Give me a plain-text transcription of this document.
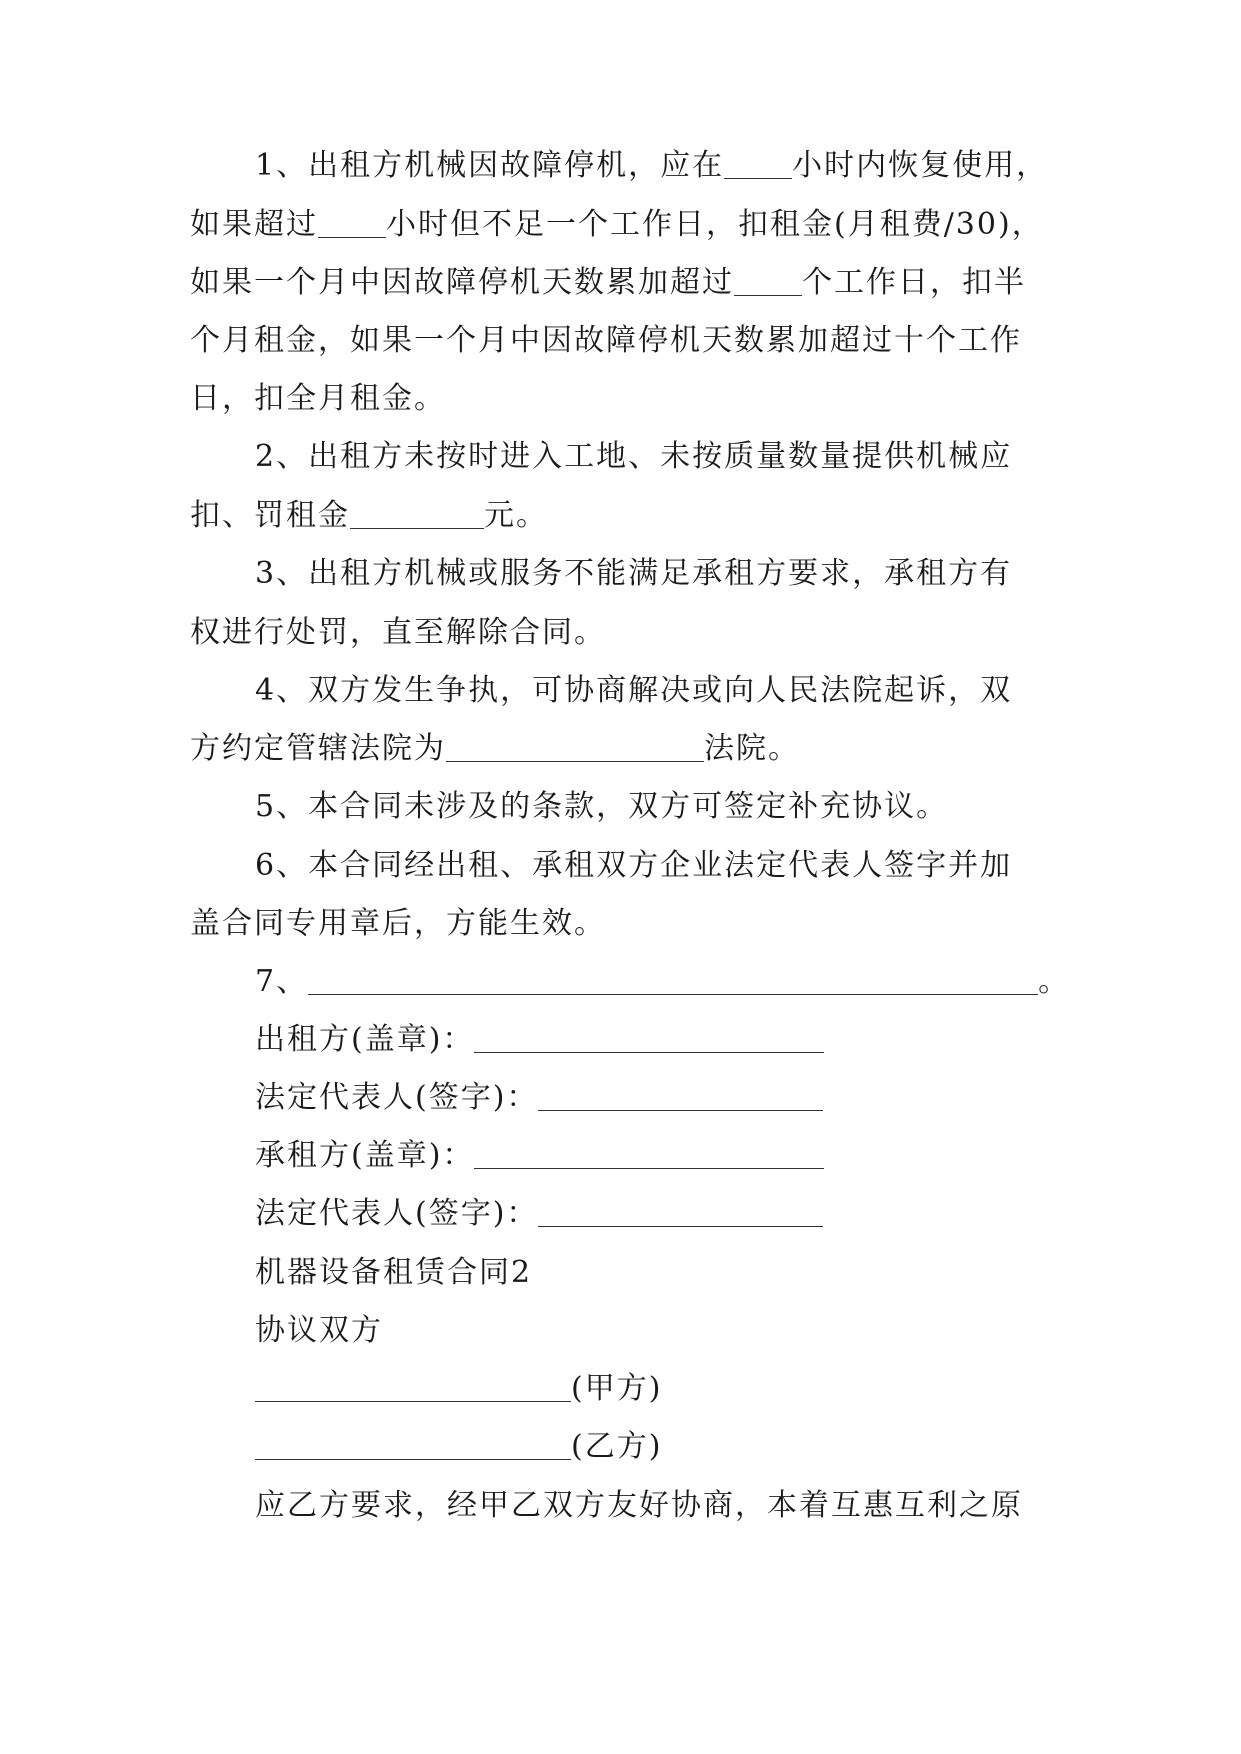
1、出租方机械因故障停机，应在 小时内恢复使用，
如果超过 小时但不足一个工作日，扣租金(月租费/30)，
如果一个月中因故障停机天数累加超过 个工作日，扣半
个月租金，如果一个月中因故障停机天数累加超过十个工作
日，扣全月租金。
2、出租方未按时进入工地、未按质量数量提供机械应
扣、罚租金	元。
3、出租方机械或服务不能满足承租方要求，承租方有
权进行处罚，直至解除合同。
4、双方发生争执，可协商解决或向人民法院起诉，双
方约定管辖法院为	法院。
5、本合同未涉及的条款，双方可签定补充协议。
6、本合同经出租、承租双方企业法定代表人签字并加
盖合同专用章后，方能生效。
7、	。
出租方(盖章)：
法定代表人(签字)：
承租方(盖章)：
法定代表人(签字)：
机器设备租赁合同2
协议双方
(甲方)
(乙方)
应乙方要求，经甲乙双方友好协商，本着互惠互利之原
